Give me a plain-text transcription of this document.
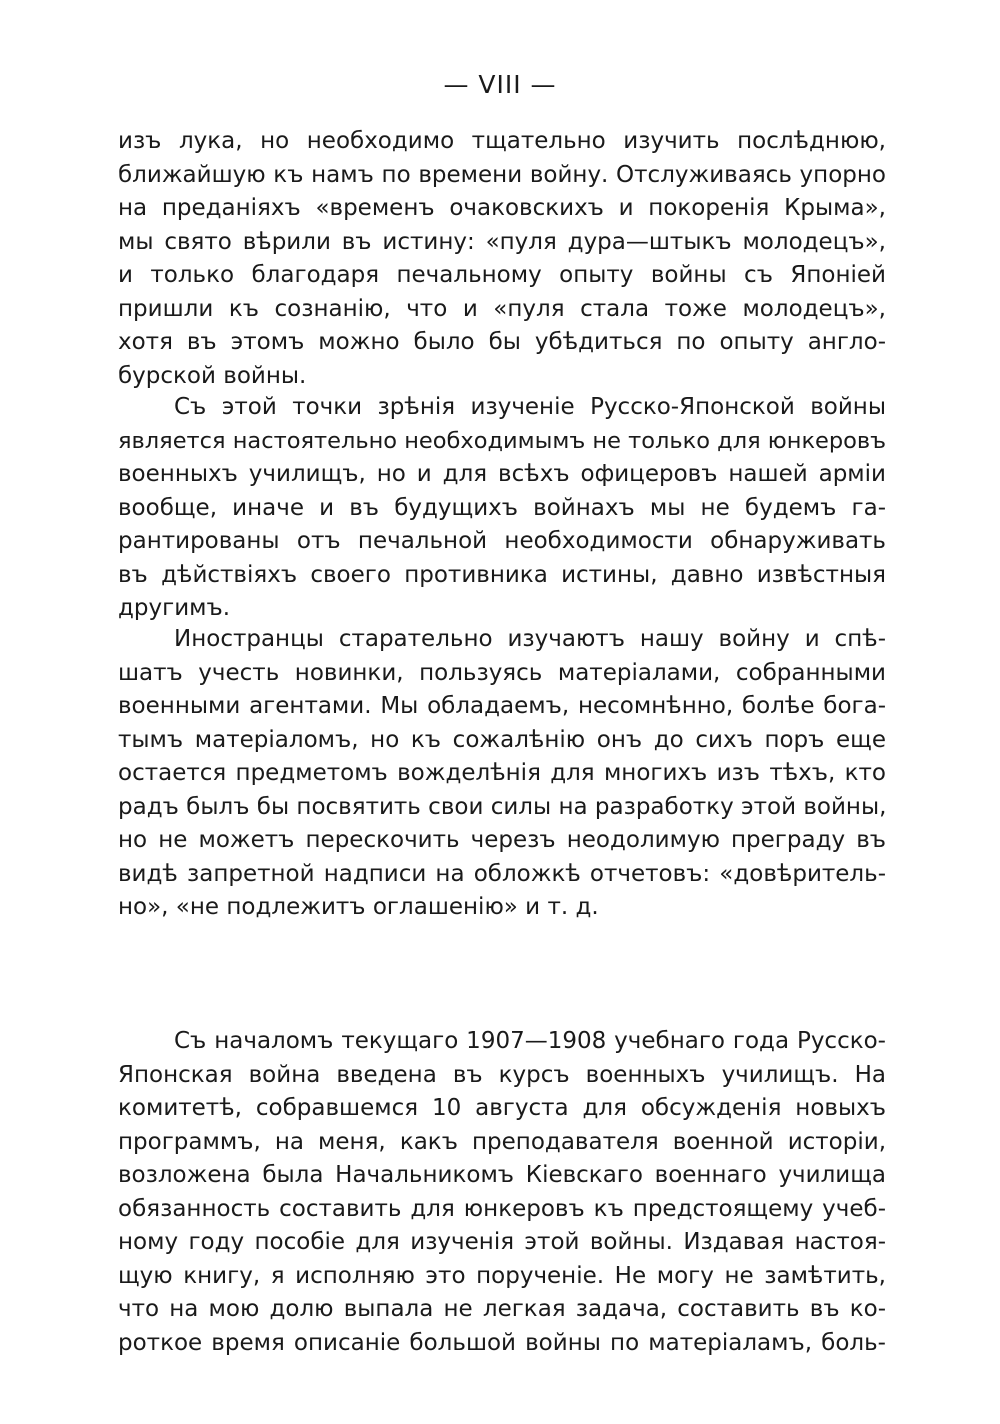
— VIII —
изъ лука, но необходимо тщательно изучить послѣднюю,
ближайшую къ намъ по времени войну. Отслуживаясь упорно
на преданіяхъ «временъ очаковскихъ и покоренія Крыма»,
мы свято вѣрили въ истину: «пуля дура—штыкъ молодецъ»,
и только благодаря печальному опыту войны съ Японіей
пришли къ сознанію, что и «пуля стала тоже молодецъ»,
хотя въ этомъ можно было бы убѣдиться по опыту англо-
бурской войны.
Съ этой точки зрѣнія изученіе Русско-Японской войны
является настоятельно необходимымъ не только для юнкеровъ
военныхъ училищъ, но и для всѣхъ офицеровъ нашей арміи
вообще, иначе и въ будущихъ войнахъ мы не будемъ га-
рантированы отъ печальной необходимости обнаруживать
въ дѣйствіяхъ своего противника истины, давно извѣстныя
другимъ.
Иностранцы старательно изучаютъ нашу войну и спѣ-
шатъ учесть новинки, пользуясь матеріалами, собранными
военными агентами. Мы обладаемъ, несомнѣнно, болѣе бога-
тымъ матеріаломъ, но къ сожалѣнію онъ до сихъ поръ еще
остается предметомъ вожделѣнія для многихъ изъ тѣхъ, кто
радъ былъ бы посвятить свои силы на разработку этой войны,
но не можетъ перескочить черезъ неодолимую преграду въ
видѣ запретной надписи на обложкѣ отчетовъ: «довѣритель-
но», «не подлежитъ оглашенію» и т. д.
Съ началомъ текущаго 1907—1908 учебнаго года Русско-
Японская война введена въ курсъ военныхъ училищъ. На
комитетѣ, собравшемся 10 августа для обсужденія новыхъ
программъ, на меня, какъ преподавателя военной исторіи,
возложена была Начальникомъ Кіевскаго военнаго училища
обязанность составить для юнкеровъ къ предстоящему учеб-
ному году пособіе для изученія этой войны. Издавая настоя-
щую книгу, я исполняю это порученіе. Не могу не замѣтить,
что на мою долю выпала не легкая задача, составить въ ко-
роткое время описаніе большой войны по матеріаламъ, боль-
